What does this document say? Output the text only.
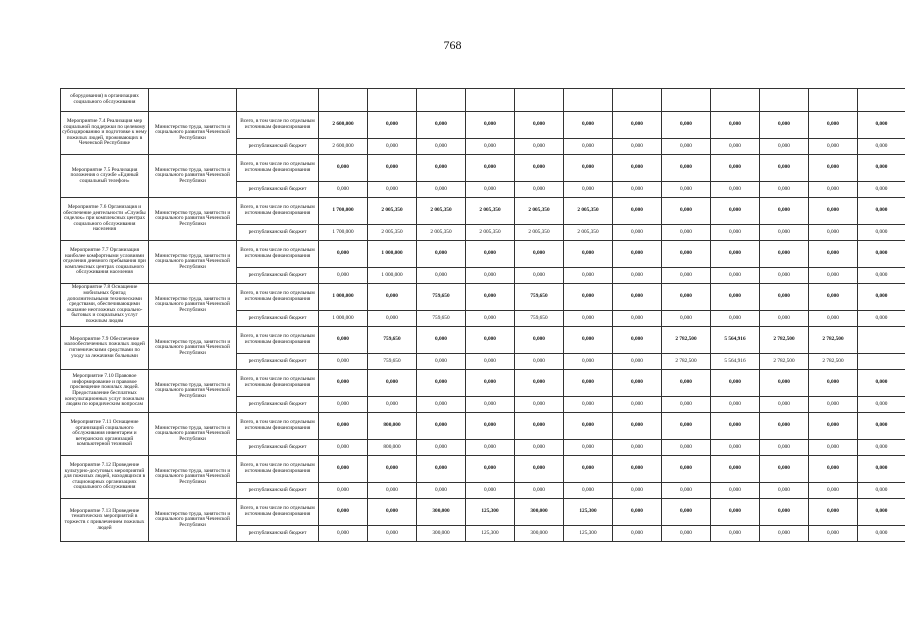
768
оборудования) в организациях социального обслуживания														
Мероприятие 7.4 Реализация мер социальной поддержки по целевому субсидированию и подготовке к нему пожилых людей, проживающих в Чеченской Республике	Министерство труда, занятости и социального развития Чеченской Республики	Всего, в том числе по отдельным источникам финансирования	2 600,000	0,000	0,000	0,000	0,000	0,000	0,000	0,000	0,000	0,000	0,000	0,000
		республиканский бюджет	2 600,000	0,000	0,000	0,000	0,000	0,000	0,000	0,000	0,000	0,000	0,000	0,000
Мероприятие 7.5 Реализация положения о службе «Единый социальный телефон»	Министерство труда, занятости и социального развития Чеченской Республики	Всего, в том числе по отдельным источникам финансирования	0,000	0,000	0,000	0,000	0,000	0,000	0,000	0,000	0,000	0,000	0,000	0,000
		республиканский бюджет	0,000	0,000	0,000	0,000	0,000	0,000	0,000	0,000	0,000	0,000	0,000	0,000
Мероприятие 7.6 Организация и обеспечение деятельности «Службы сиделок» при комплексных центрах социального обслуживания населения	Министерство труда, занятости и социального развития Чеченской Республики	Всего, в том числе по отдельным источникам финансирования	1 700,000	2 005,350	2 005,350	2 005,350	2 005,350	2 005,350	0,000	0,000	0,000	0,000	0,000	0,000
		республиканский бюджет	1 700,000	2 005,350	2 005,350	2 005,350	2 005,350	2 005,350	0,000	0,000	0,000	0,000	0,000	0,000
Мероприятие 7.7 Организация наиболее комфортными условиями отделения дневного пребывания при комплексных центрах социального обслуживания населения	Министерство труда, занятости и социального развития Чеченской Республики	Всего, в том числе по отдельным источникам финансирования	0,000	1 000,000	0,000	0,000	0,000	0,000	0,000	0,000	0,000	0,000	0,000	0,000
		республиканский бюджет	0,000	1 000,000	0,000	0,000	0,000	0,000	0,000	0,000	0,000	0,000	0,000	0,000
Мероприятие 7.8 Оснащение мобильных бригад дополнительными техническими средствами, обеспечивающими оказание неотложных социально-бытовых и социальных услуг пожилым людям	Министерство труда, занятости и социального развития Чеченской Республики	Всего, в том числе по отдельным источникам финансирования	1 000,000	0,000	759,650	0,000	759,650	0,000	0,000	0,000	0,000	0,000	0,000	0,000
		республиканский бюджет	1 000,000	0,000	759,650	0,000	759,650	0,000	0,000	0,000	0,000	0,000	0,000	0,000
Мероприятие 7.9 Обеспечение малообеспеченных пожилых людей гигиеническими средствами по уходу за лежачими больными	Министерство труда, занятости и социального развития Чеченской Республики	Всего, в том числе по отдельным источникам финансирования	0,000	759,650	0,000	0,000	0,000	0,000	0,000	2 782,500	5 564,916	2 782,500	2 782,500	
		республиканский бюджет	0,000	759,650	0,000	0,000	0,000	0,000	0,000	2 782,500	5 564,916	2 782,500	2 782,500	
Мероприятие 7.10 Правовое информирование и правовое просвещение пожилых людей. Предоставление бесплатных консультационных услуг пожилым людям по юридическим вопросам	Министерство труда, занятости и социального развития Чеченской Республики	Всего, в том числе по отдельным источникам финансирования	0,000	0,000	0,000	0,000	0,000	0,000	0,000	0,000	0,000	0,000	0,000	0,000
		республиканский бюджет	0,000	0,000	0,000	0,000	0,000	0,000	0,000	0,000	0,000	0,000	0,000	0,000
Мероприятие 7.11 Оснащение организаций социального обслуживания инвентарем и ветеранских организаций компьютерной техникой	Министерство труда, занятости и социального развития Чеченской Республики	Всего, в том числе по отдельным источникам финансирования	0,000	800,000	0,000	0,000	0,000	0,000	0,000	0,000	0,000	0,000	0,000	0,000
		республиканский бюджет	0,000	800,000	0,000	0,000	0,000	0,000	0,000	0,000	0,000	0,000	0,000	0,000
Мероприятие 7.12 Проведение культурно-досуговых мероприятий для пожилых людей, находящихся в стационарных организациях социального обслуживания	Министерство труда, занятости и социального развития Чеченской Республики	Всего, в том числе по отдельным источникам финансирования	0,000	0,000	0,000	0,000	0,000	0,000	0,000	0,000	0,000	0,000	0,000	0,000
		республиканский бюджет	0,000	0,000	0,000	0,000	0,000	0,000	0,000	0,000	0,000	0,000	0,000	0,000
Мероприятие 7.13 Проведение тематических мероприятий в торжеств с привлечением пожилых людей	Министерство труда, занятости и социального развития Чеченской Республики	Всего, в том числе по отдельным источникам финансирования	0,000	0,000	300,000	125,300	300,000	125,300	0,000	0,000	0,000	0,000	0,000	0,000
		республиканский бюджет	0,000	0,000	300,000	125,300	300,000	125,300	0,000	0,000	0,000	0,000	0,000	0,000
